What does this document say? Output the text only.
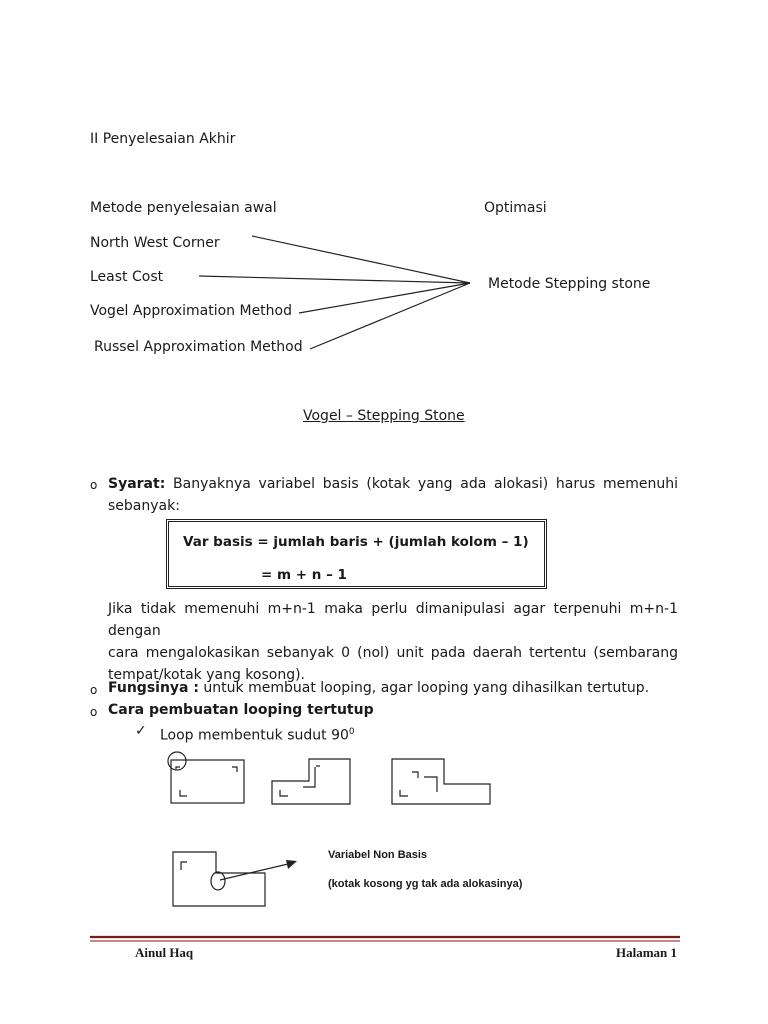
II Penyelesaian Akhir
Metode penyelesaian awal	Optimasi
North West Corner
Least Cost
Vogel Approximation Method
Russel Approximation Method
Metode Stepping stone
Vogel – Stepping Stone
o Syarat: Banyaknya variabel basis (kotak yang ada alokasi) harus memenuhi
sebanyak:
Var basis = jumlah baris + (jumlah kolom – 1)
= m + n – 1
Jika tidak memenuhi m+n-1 maka perlu dimanipulasi agar terpenuhi m+n-1 dengan
cara mengalokasikan sebanyak 0 (nol) unit pada daerah tertentu (sembarang
tempat/kotak yang kosong).
o Fungsinya : untuk membuat looping, agar looping yang dihasilkan tertutup.
o Cara pembuatan looping tertutup
✓ Loop membentuk sudut $90^0$
Variabel Non Basis
(kotak kosong yg tak ada alokasinya)
Ainul Haq	Halaman 1
